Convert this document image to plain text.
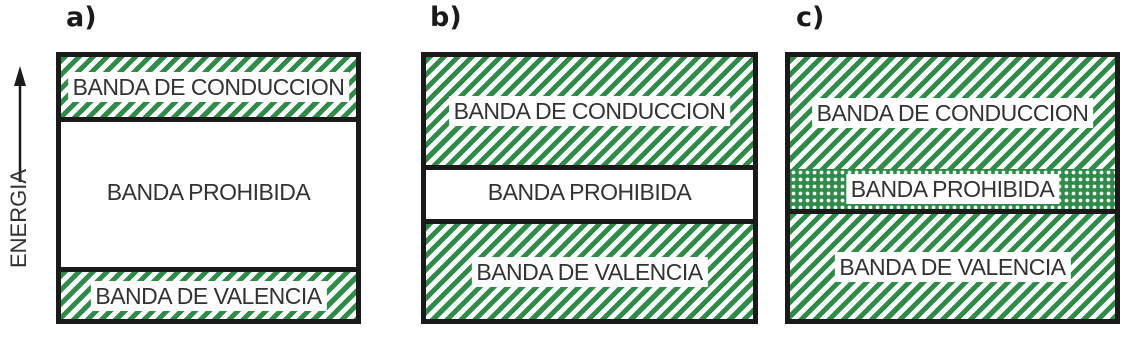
ENERGIA
a)
BANDA DE CONDUCCION
BANDA PROHIBIDA
BANDA DE VALENCIA
b)
BANDA DE CONDUCCION
BANDA PROHIBIDA
BANDA DE VALENCIA
c)
BANDA DE CONDUCCION
BANDA PROHIBIDA
BANDA DE VALENCIA
